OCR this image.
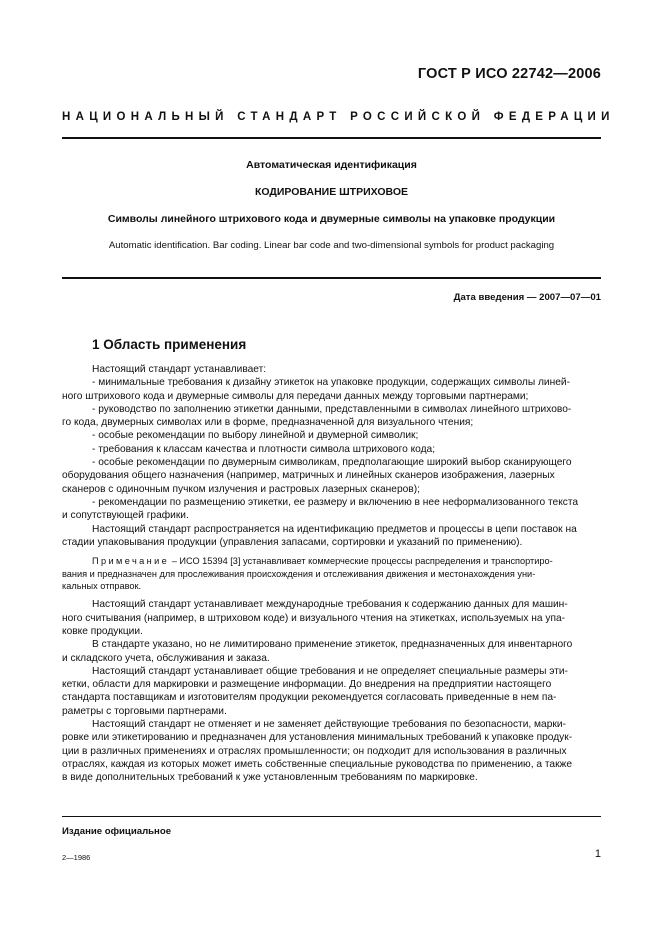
ГОСТ Р ИСО 22742—2006
НАЦИОНАЛЬНЫЙ СТАНДАРТ РОССИЙСКОЙ ФЕДЕРАЦИИ
Автоматическая идентификация
КОДИРОВАНИЕ ШТРИХОВОЕ
Символы линейного штрихового кода и двумерные символы на упаковке продукции
Automatic identification. Bar coding. Linear bar code and two-dimensional symbols for product packaging
Дата введения — 2007—07—01
1 Область применения
Настоящий стандарт устанавливает:
- минимальные требования к дизайну этикеток на упаковке продукции, содержащих символы линей-
ного штрихового кода и двумерные символы для передачи данных между торговыми партнерами;
- руководство по заполнению этикетки данными, представленными в символах линейного штрихово-
го кода, двумерных символах или в форме, предназначенной для визуального чтения;
- особые рекомендации по выбору линейной и двумерной символик;
- требования к классам качества и плотности символа штрихового кода;
- особые рекомендации по двумерным символикам, предполагающие широкий выбор сканирующего
оборудования общего назначения (например, матричных и линейных сканеров изображения, лазерных
сканеров с одиночным пучком излучения и растровых лазерных сканеров);
- рекомендации по размещению этикетки, ее размеру и включению в нее неформализованного текста
и сопутствующей графики.
Настоящий стандарт распространяется на идентификацию предметов и процессы в цепи поставок на
стадии упаковывания продукции (управления запасами, сортировки и указаний по применению).
Примечание – ИСО 15394 [3] устанавливает коммерческие процессы распределения и транспортиро-
вания и предназначен для прослеживания происхождения и отслеживания движения и местонахождения уни-
кальных отправок.
Настоящий стандарт устанавливает международные требования к содержанию данных для машин-
ного считывания (например, в штриховом коде) и визуального чтения на этикетках, используемых на упа-
ковке продукции.
В стандарте указано, но не лимитировано применение этикеток, предназначенных для инвентарного
и складского учета, обслуживания и заказа.
Настоящий стандарт устанавливает общие требования и не определяет специальные размеры эти-
кетки, области для маркировки и размещение информации. До внедрения на предприятии настоящего
стандарта поставщикам и изготовителям продукции рекомендуется согласовать приведенные в нем па-
раметры с торговыми партнерами.
Настоящий стандарт не отменяет и не заменяет действующие требования по безопасности, марки-
ровке или этикетированию и предназначен для установления минимальных требований к упаковке продук-
ции в различных применениях и отраслях промышленности; он подходит для использования в различных
отраслях, каждая из которых может иметь собственные специальные руководства по применению, а также
в виде дополнительных требований к уже установленным требованиям по маркировке.
Издание официальное
2—1986	1
